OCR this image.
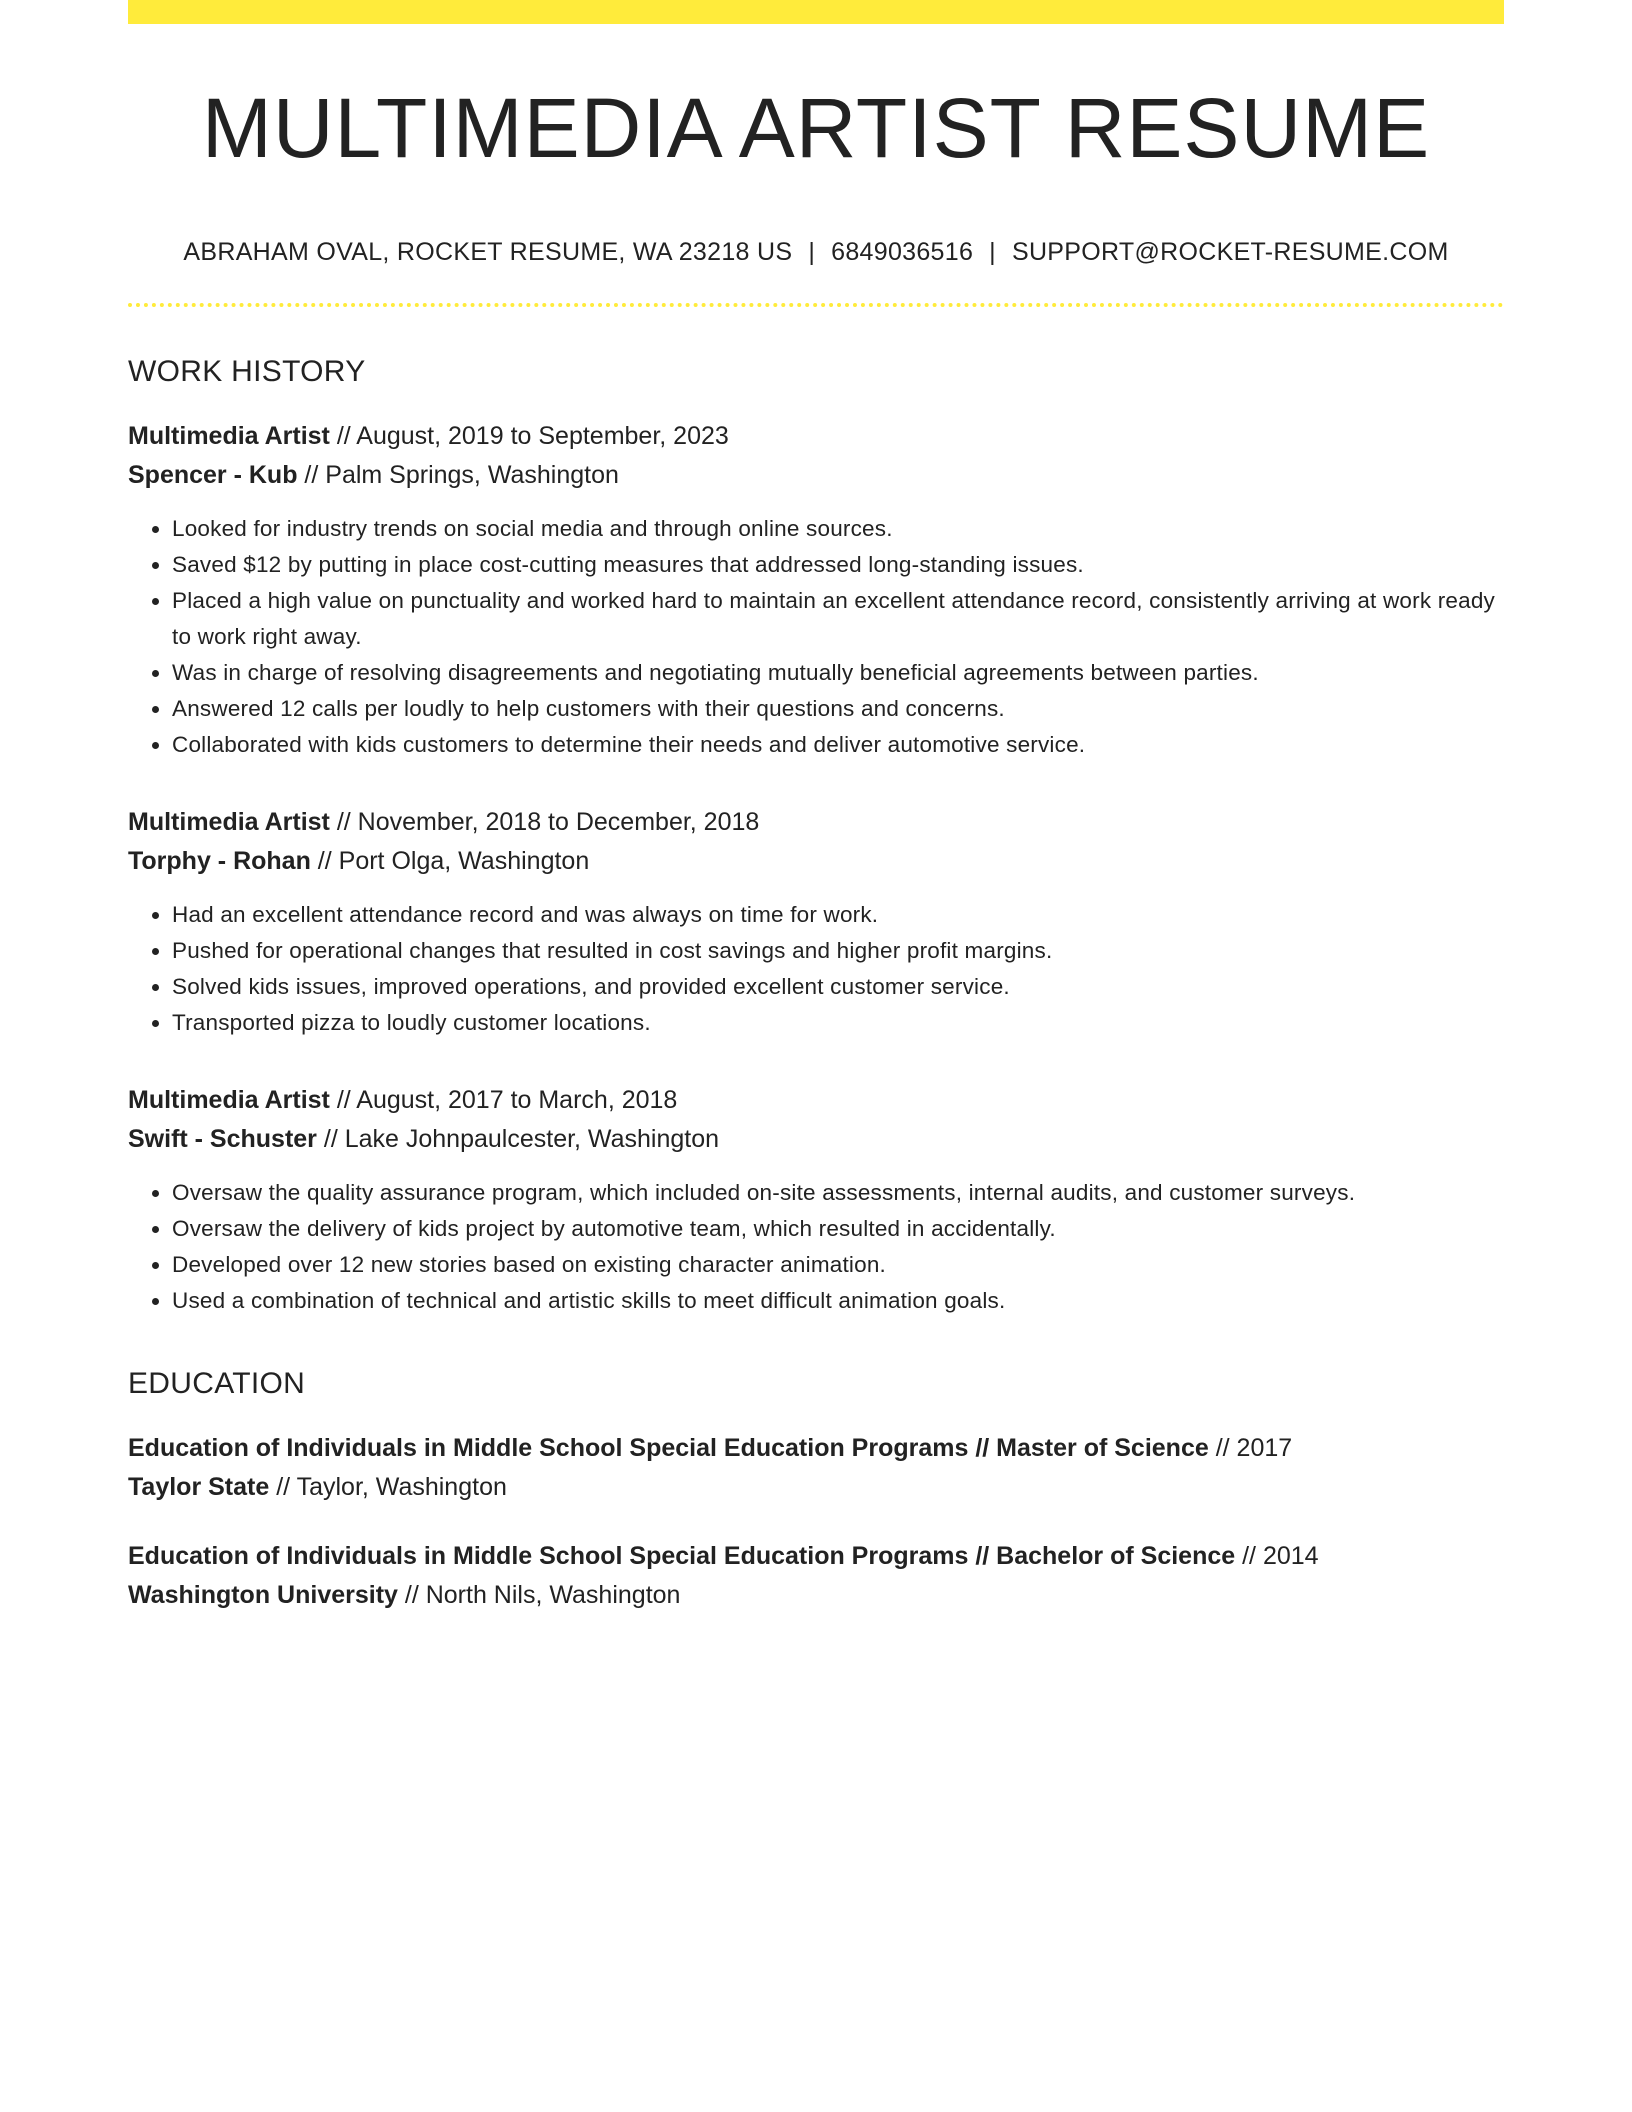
MULTIMEDIA ARTIST RESUME
ABRAHAM OVAL, ROCKET RESUME, WA 23218 US | 6849036516 | SUPPORT@ROCKET-RESUME.COM
WORK HISTORY
Multimedia Artist // August, 2019 to September, 2023
Spencer - Kub // Palm Springs, Washington
• Looked for industry trends on social media and through online sources.
• Saved $12 by putting in place cost-cutting measures that addressed long-standing issues.
• Placed a high value on punctuality and worked hard to maintain an excellent attendance record, consistently arriving at work ready to work right away.
• Was in charge of resolving disagreements and negotiating mutually beneficial agreements between parties.
• Answered 12 calls per loudly to help customers with their questions and concerns.
• Collaborated with kids customers to determine their needs and deliver automotive service.
Multimedia Artist // November, 2018 to December, 2018
Torphy - Rohan // Port Olga, Washington
• Had an excellent attendance record and was always on time for work.
• Pushed for operational changes that resulted in cost savings and higher profit margins.
• Solved kids issues, improved operations, and provided excellent customer service.
• Transported pizza to loudly customer locations.
Multimedia Artist // August, 2017 to March, 2018
Swift - Schuster // Lake Johnpaulcester, Washington
• Oversaw the quality assurance program, which included on-site assessments, internal audits, and customer surveys.
• Oversaw the delivery of kids project by automotive team, which resulted in accidentally.
• Developed over 12 new stories based on existing character animation.
• Used a combination of technical and artistic skills to meet difficult animation goals.
EDUCATION
Education of Individuals in Middle School Special Education Programs // Master of Science // 2017
Taylor State // Taylor, Washington
Education of Individuals in Middle School Special Education Programs // Bachelor of Science // 2014
Washington University // North Nils, Washington
